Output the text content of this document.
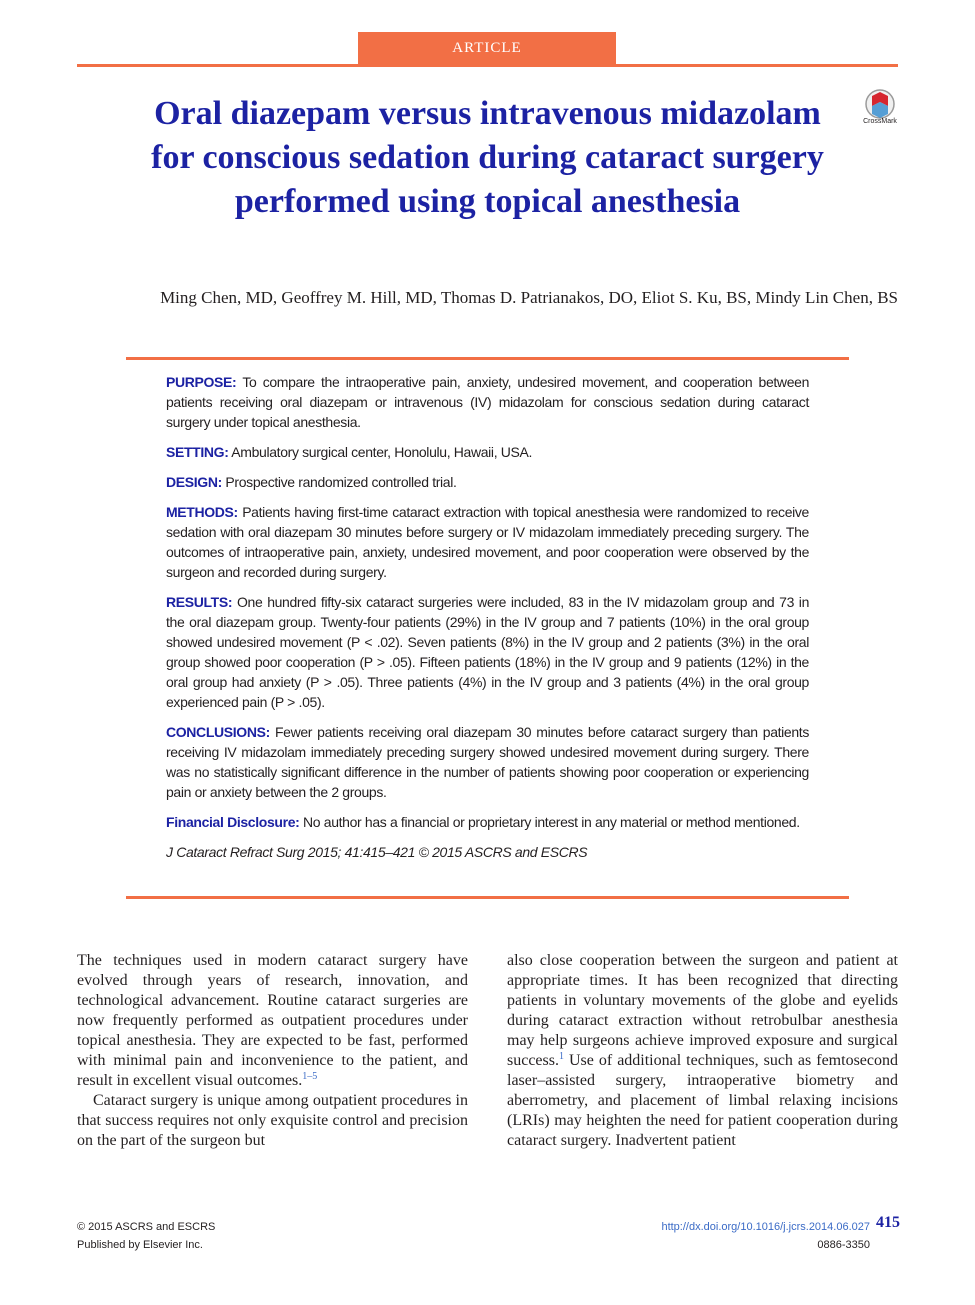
ARTICLE
Oral diazepam versus intravenous midazolam for conscious sedation during cataract surgery performed using topical anesthesia
CrossMark
Ming Chen, MD, Geoffrey M. Hill, MD, Thomas D. Patrianakos, DO, Eliot S. Ku, BS, Mindy Lin Chen, BS

PURPOSE: To compare the intraoperative pain, anxiety, undesired movement, and cooperation between patients receiving oral diazepam or intravenous (IV) midazolam for conscious sedation during cataract surgery under topical anesthesia.

SETTING: Ambulatory surgical center, Honolulu, Hawaii, USA.

DESIGN: Prospective randomized controlled trial.

METHODS: Patients having first-time cataract extraction with topical anesthesia were randomized to receive sedation with oral diazepam 30 minutes before surgery or IV midazolam immediately preceding surgery. The outcomes of intraoperative pain, anxiety, undesired movement, and poor cooperation were observed by the surgeon and recorded during surgery.

RESULTS: One hundred fifty-six cataract surgeries were included, 83 in the IV midazolam group and 73 in the oral diazepam group. Twenty-four patients (29%) in the IV group and 7 patients (10%) in the oral group showed undesired movement (P < .02). Seven patients (8%) in the IV group and 2 patients (3%) in the oral group showed poor cooperation (P > .05). Fifteen patients (18%) in the IV group and 9 patients (12%) in the oral group had anxiety (P > .05). Three patients (4%) in the IV group and 3 patients (4%) in the oral group experienced pain (P > .05).

CONCLUSIONS: Fewer patients receiving oral diazepam 30 minutes before cataract surgery than patients receiving IV midazolam immediately preceding surgery showed undesired movement during surgery. There was no statistically significant difference in the number of patients showing poor cooperation or experiencing pain or anxiety between the 2 groups.

Financial Disclosure: No author has a financial or proprietary interest in any material or method mentioned.

J Cataract Refract Surg 2015; 41:415–421 © 2015 ASCRS and ESCRS

The techniques used in modern cataract surgery have evolved through years of research, innovation, and technological advancement. Routine cataract surgeries are now frequently performed as outpatient procedures under topical anesthesia. They are expected to be fast, performed with minimal pain and inconvenience to the patient, and result in excellent visual outcomes.$^{1-5}$

Cataract surgery is unique among outpatient procedures in that success requires not only exquisite control and precision on the part of the surgeon but

also close cooperation between the surgeon and patient at appropriate times. It has been recognized that directing patients in voluntary movements of the globe and eyelids during cataract extraction without retrobulbar anesthesia may help surgeons achieve improved exposure and surgical success.$^1$ Use of additional techniques, such as femtosecond laser–assisted surgery, intraoperative biometry and aberrometry, and placement of limbal relaxing incisions (LRIs) may heighten the need for patient cooperation during cataract surgery. Inadvertent patient

© 2015 ASCRS and ESCRS
Published by Elsevier Inc.
http://dx.doi.org/10.1016/j.jcrs.2014.06.027
0886-3350
415
